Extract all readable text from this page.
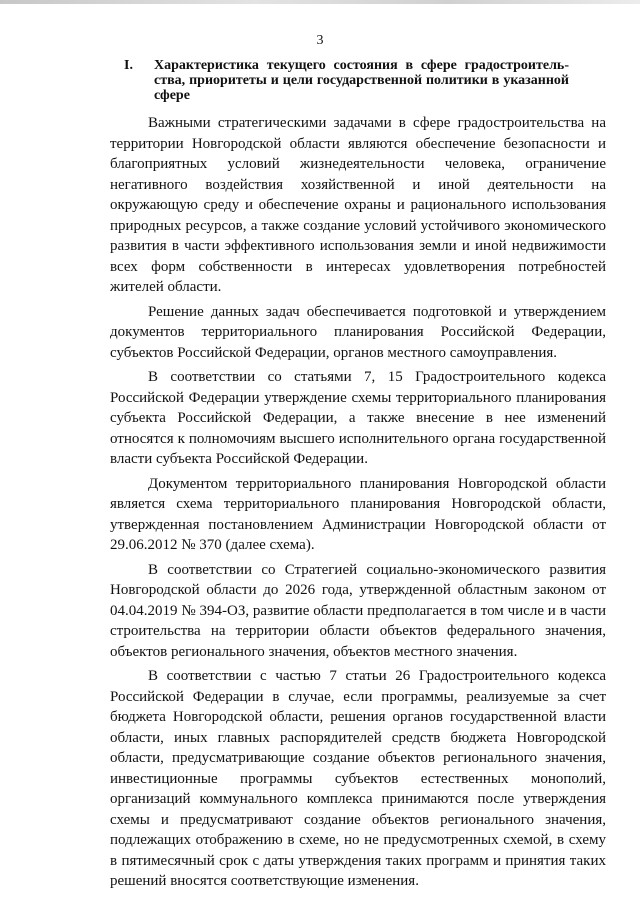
3
I. Характеристика текущего состояния в сфере градостроительства, приоритеты и цели государственной политики в указанной сфере

Важными стратегическими задачами в сфере градостроительства на территории Новгородской области являются обеспечение безопасности и благоприятных условий жизнедеятельности человека, ограничение негативного воздействия хозяйственной и иной деятельности на окружающую среду и обеспечение охраны и рационального использования природных ресурсов, а также создание условий устойчивого экономического развития в части эффективного использования земли и иной недвижимости всех форм собственности в интересах удовлетворения потребностей жителей области.

Решение данных задач обеспечивается подготовкой и утверждением документов территориального планирования Российской Федерации, субъектов Российской Федерации, органов местного самоуправления.

В соответствии со статьями 7, 15 Градостроительного кодекса Российской Федерации утверждение схемы территориального планирования субъекта Российской Федерации, а также внесение в нее изменений относятся к полномочиям высшего исполнительного органа государственной власти субъекта Российской Федерации.

Документом территориального планирования Новгородской области является схема территориального планирования Новгородской области, утвержденная постановлением Администрации Новгородской области от 29.06.2012 № 370 (далее схема).

В соответствии со Стратегией социально-экономического развития Новгородской области до 2026 года, утвержденной областным законом от 04.04.2019 № 394-ОЗ, развитие области предполагается в том числе и в части строительства на территории области объектов федерального значения, объектов регионального значения, объектов местного значения.

В соответствии с частью 7 статьи 26 Градостроительного кодекса Российской Федерации в случае, если программы, реализуемые за счет бюджета Новгородской области, решения органов государственной власти области, иных главных распорядителей средств бюджета Новгородской области, предусматривающие создание объектов регионального значения, инвестиционные программы субъектов естественных монополий, организаций коммунального комплекса принимаются после утверждения схемы и предусматривают создание объектов регионального значения, подлежащих отображению в схеме, но не предусмотренных схемой, в схему в пятимесячный срок с даты утверждения таких программ и принятия таких решений вносятся соответствующие изменения.
